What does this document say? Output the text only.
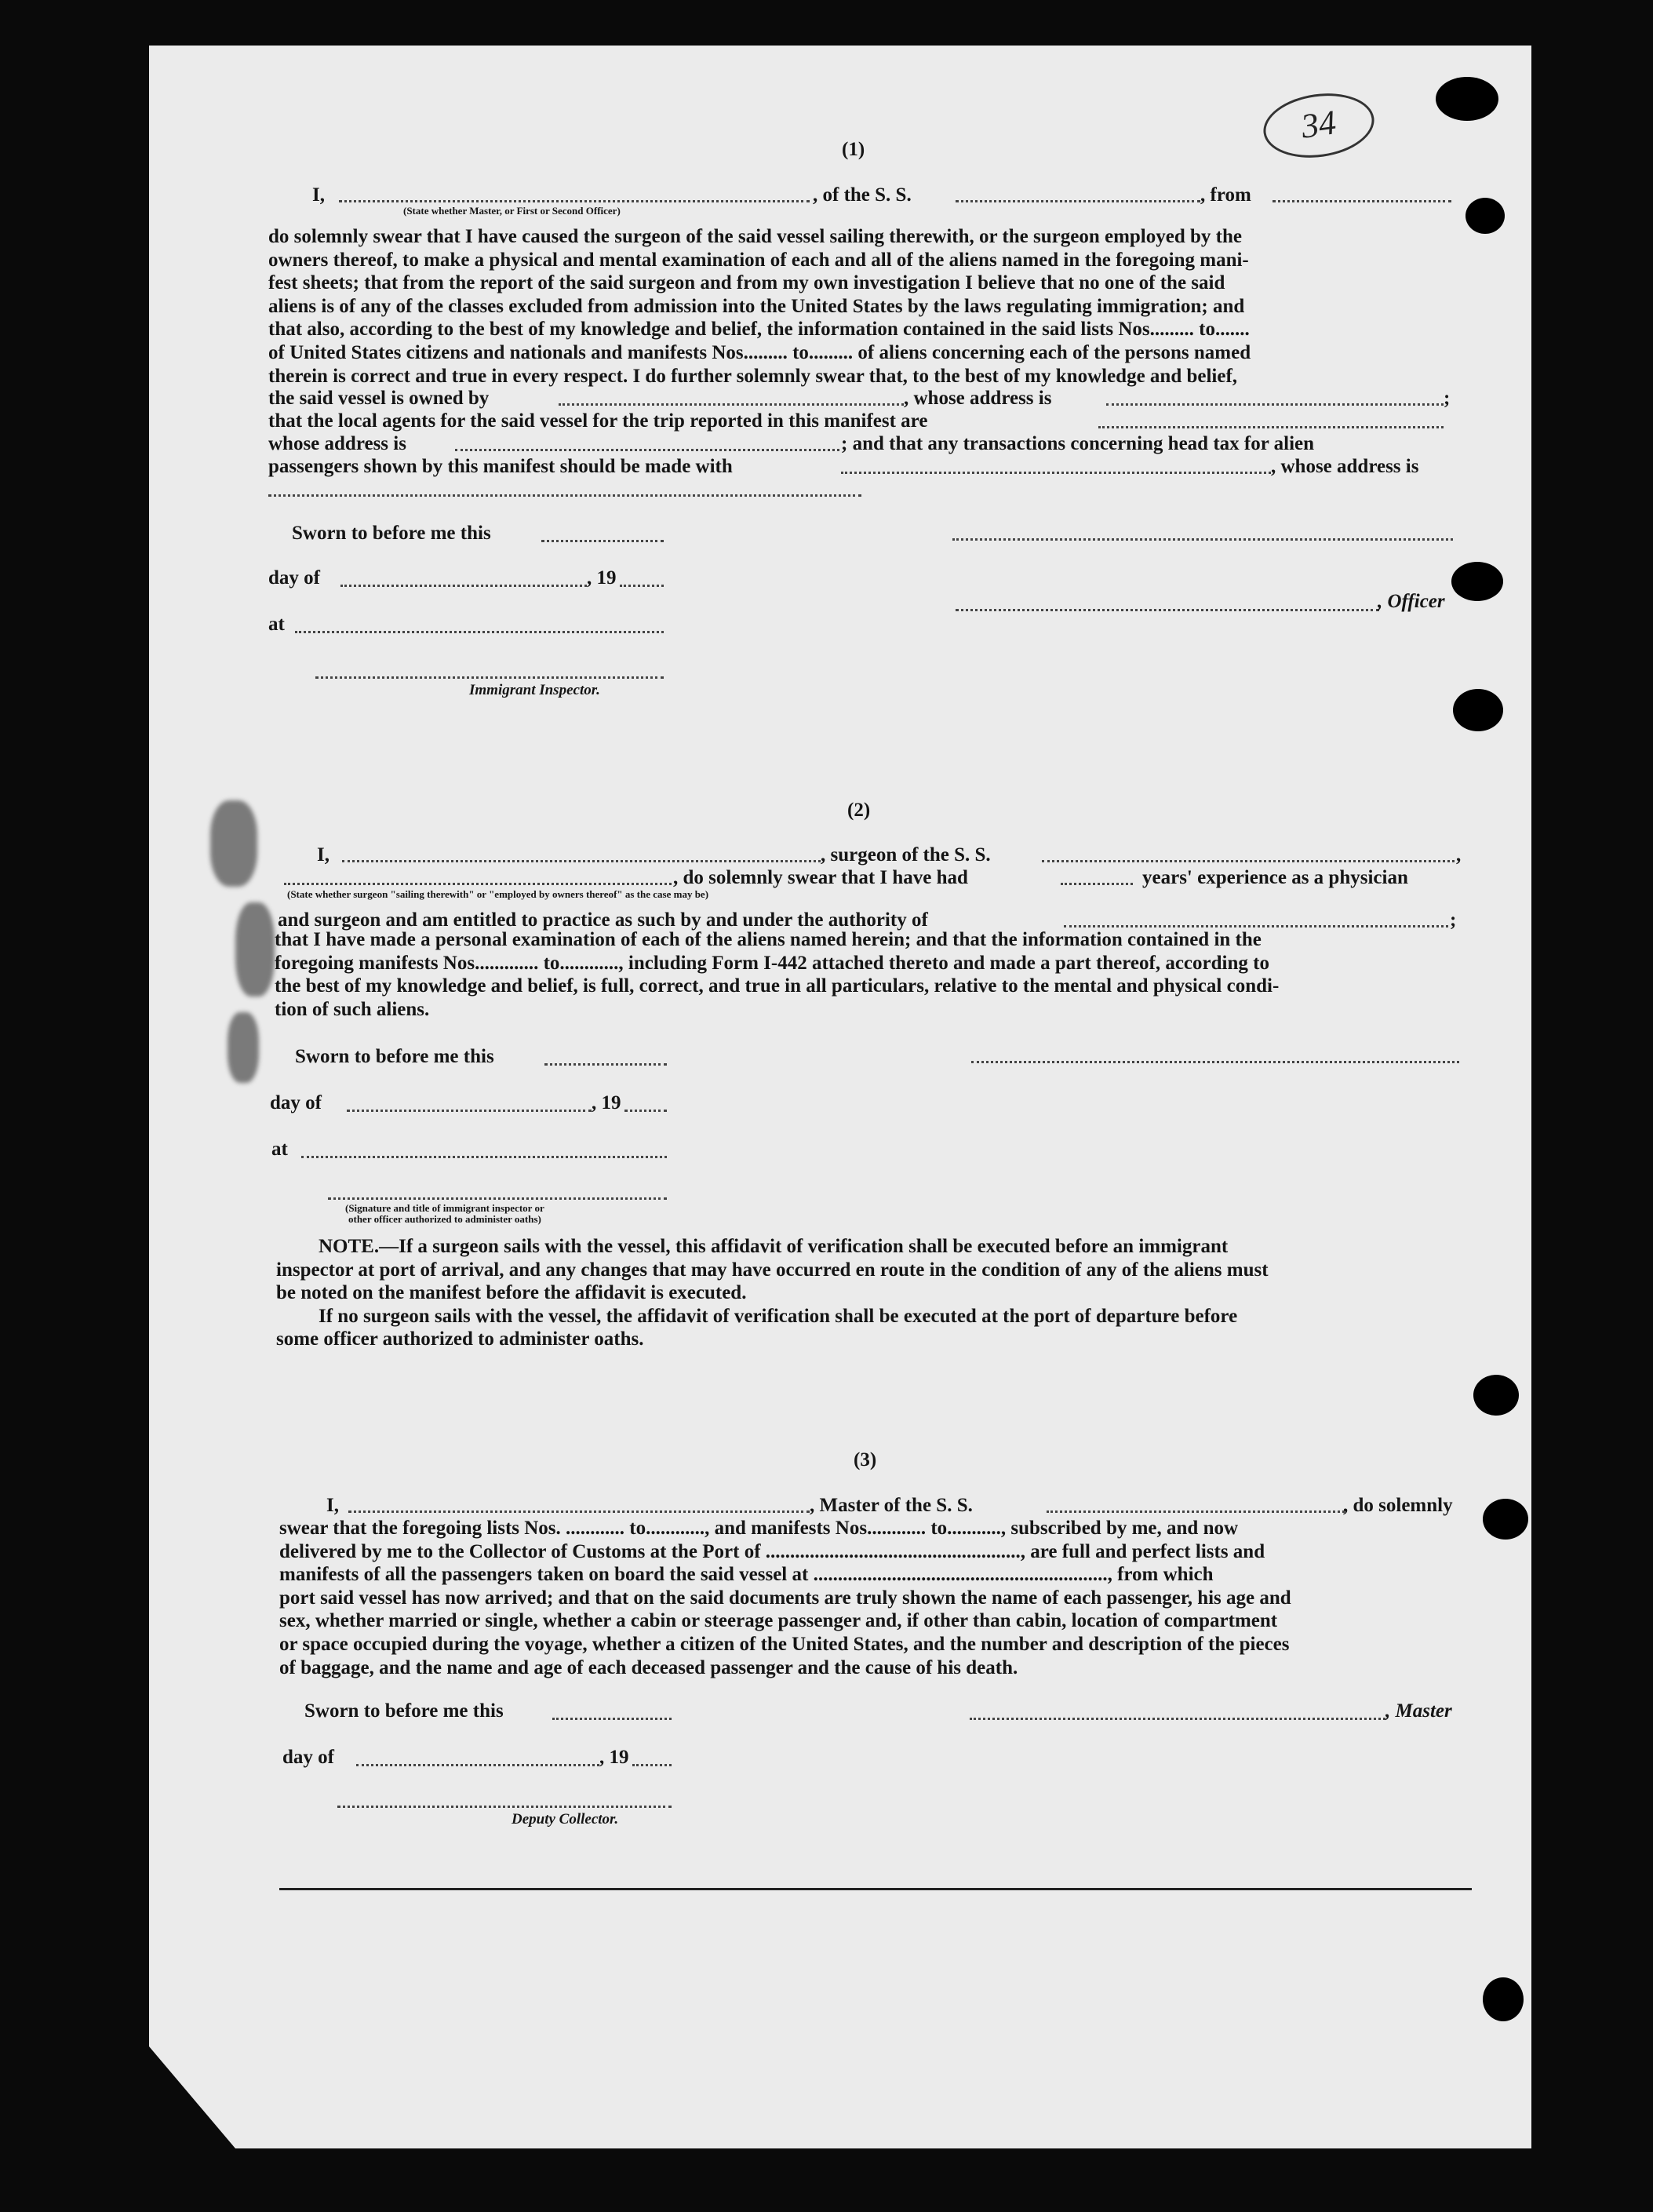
34
(1)
I,	, of the S. S.	, from
(State whether Master, or First or Second Officer)
do solemnly swear that I have caused the surgeon of the said vessel sailing therewith, or the surgeon employed by the
owners thereof, to make a physical and mental examination of each and all of the aliens named in the foregoing mani-
fest sheets; that from the report of the said surgeon and from my own investigation I believe that no one of the said
aliens is of any of the classes excluded from admission into the United States by the laws regulating immigration; and
that also, according to the best of my knowledge and belief, the information contained in the said lists Nos......... to.......
of United States citizens and nationals and manifests Nos......... to......... of aliens concerning each of the persons named
therein is correct and true in every respect. I do further solemnly swear that, to the best of my knowledge and belief,
the said vessel is owned by	, whose address is	;
that the local agents for the said vessel for the trip reported in this manifest are
whose address is	; and that any transactions concerning head tax for alien
passengers shown by this manifest should be made with	, whose address is
Sworn to before me this
day of	, 19
at
, Officer
Immigrant Inspector.
(2)
I,	, surgeon of the S. S.	,
, do solemnly swear that I have had	years' experience as a physician
(State whether surgeon "sailing therewith" or "employed by owners thereof" as the case may be)
and surgeon and am entitled to practice as such by and under the authority of	;
that I have made a personal examination of each of the aliens named herein; and that the information contained in the
foregoing manifests Nos............. to............, including Form I-442 attached thereto and made a part thereof, according to
the best of my knowledge and belief, is full, correct, and true in all particulars, relative to the mental and physical condi-
tion of such aliens.
Sworn to before me this
day of	, 19
at
(Signature and title of immigrant inspector or
other officer authorized to administer oaths)
NOTE.—If a surgeon sails with the vessel, this affidavit of verification shall be executed before an immigrant
inspector at port of arrival, and any changes that may have occurred en route in the condition of any of the aliens must
be noted on the manifest before the affidavit is executed.
If no surgeon sails with the vessel, the affidavit of verification shall be executed at the port of departure before
some officer authorized to administer oaths.
(3)
I,	, Master of the S. S.	, do solemnly
swear that the foregoing lists Nos. ............ to............, and manifests Nos............ to..........., subscribed by me, and now
delivered by me to the Collector of Customs at the Port of ...................................................., are full and perfect lists and
manifests of all the passengers taken on board the said vessel at ............................................................, from which
port said vessel has now arrived; and that on the said documents are truly shown the name of each passenger, his age and
sex, whether married or single, whether a cabin or steerage passenger and, if other than cabin, location of compartment
or space occupied during the voyage, whether a citizen of the United States, and the number and description of the pieces
of baggage, and the name and age of each deceased passenger and the cause of his death.
Sworn to before me this	, Master
day of	, 19
Deputy Collector.
